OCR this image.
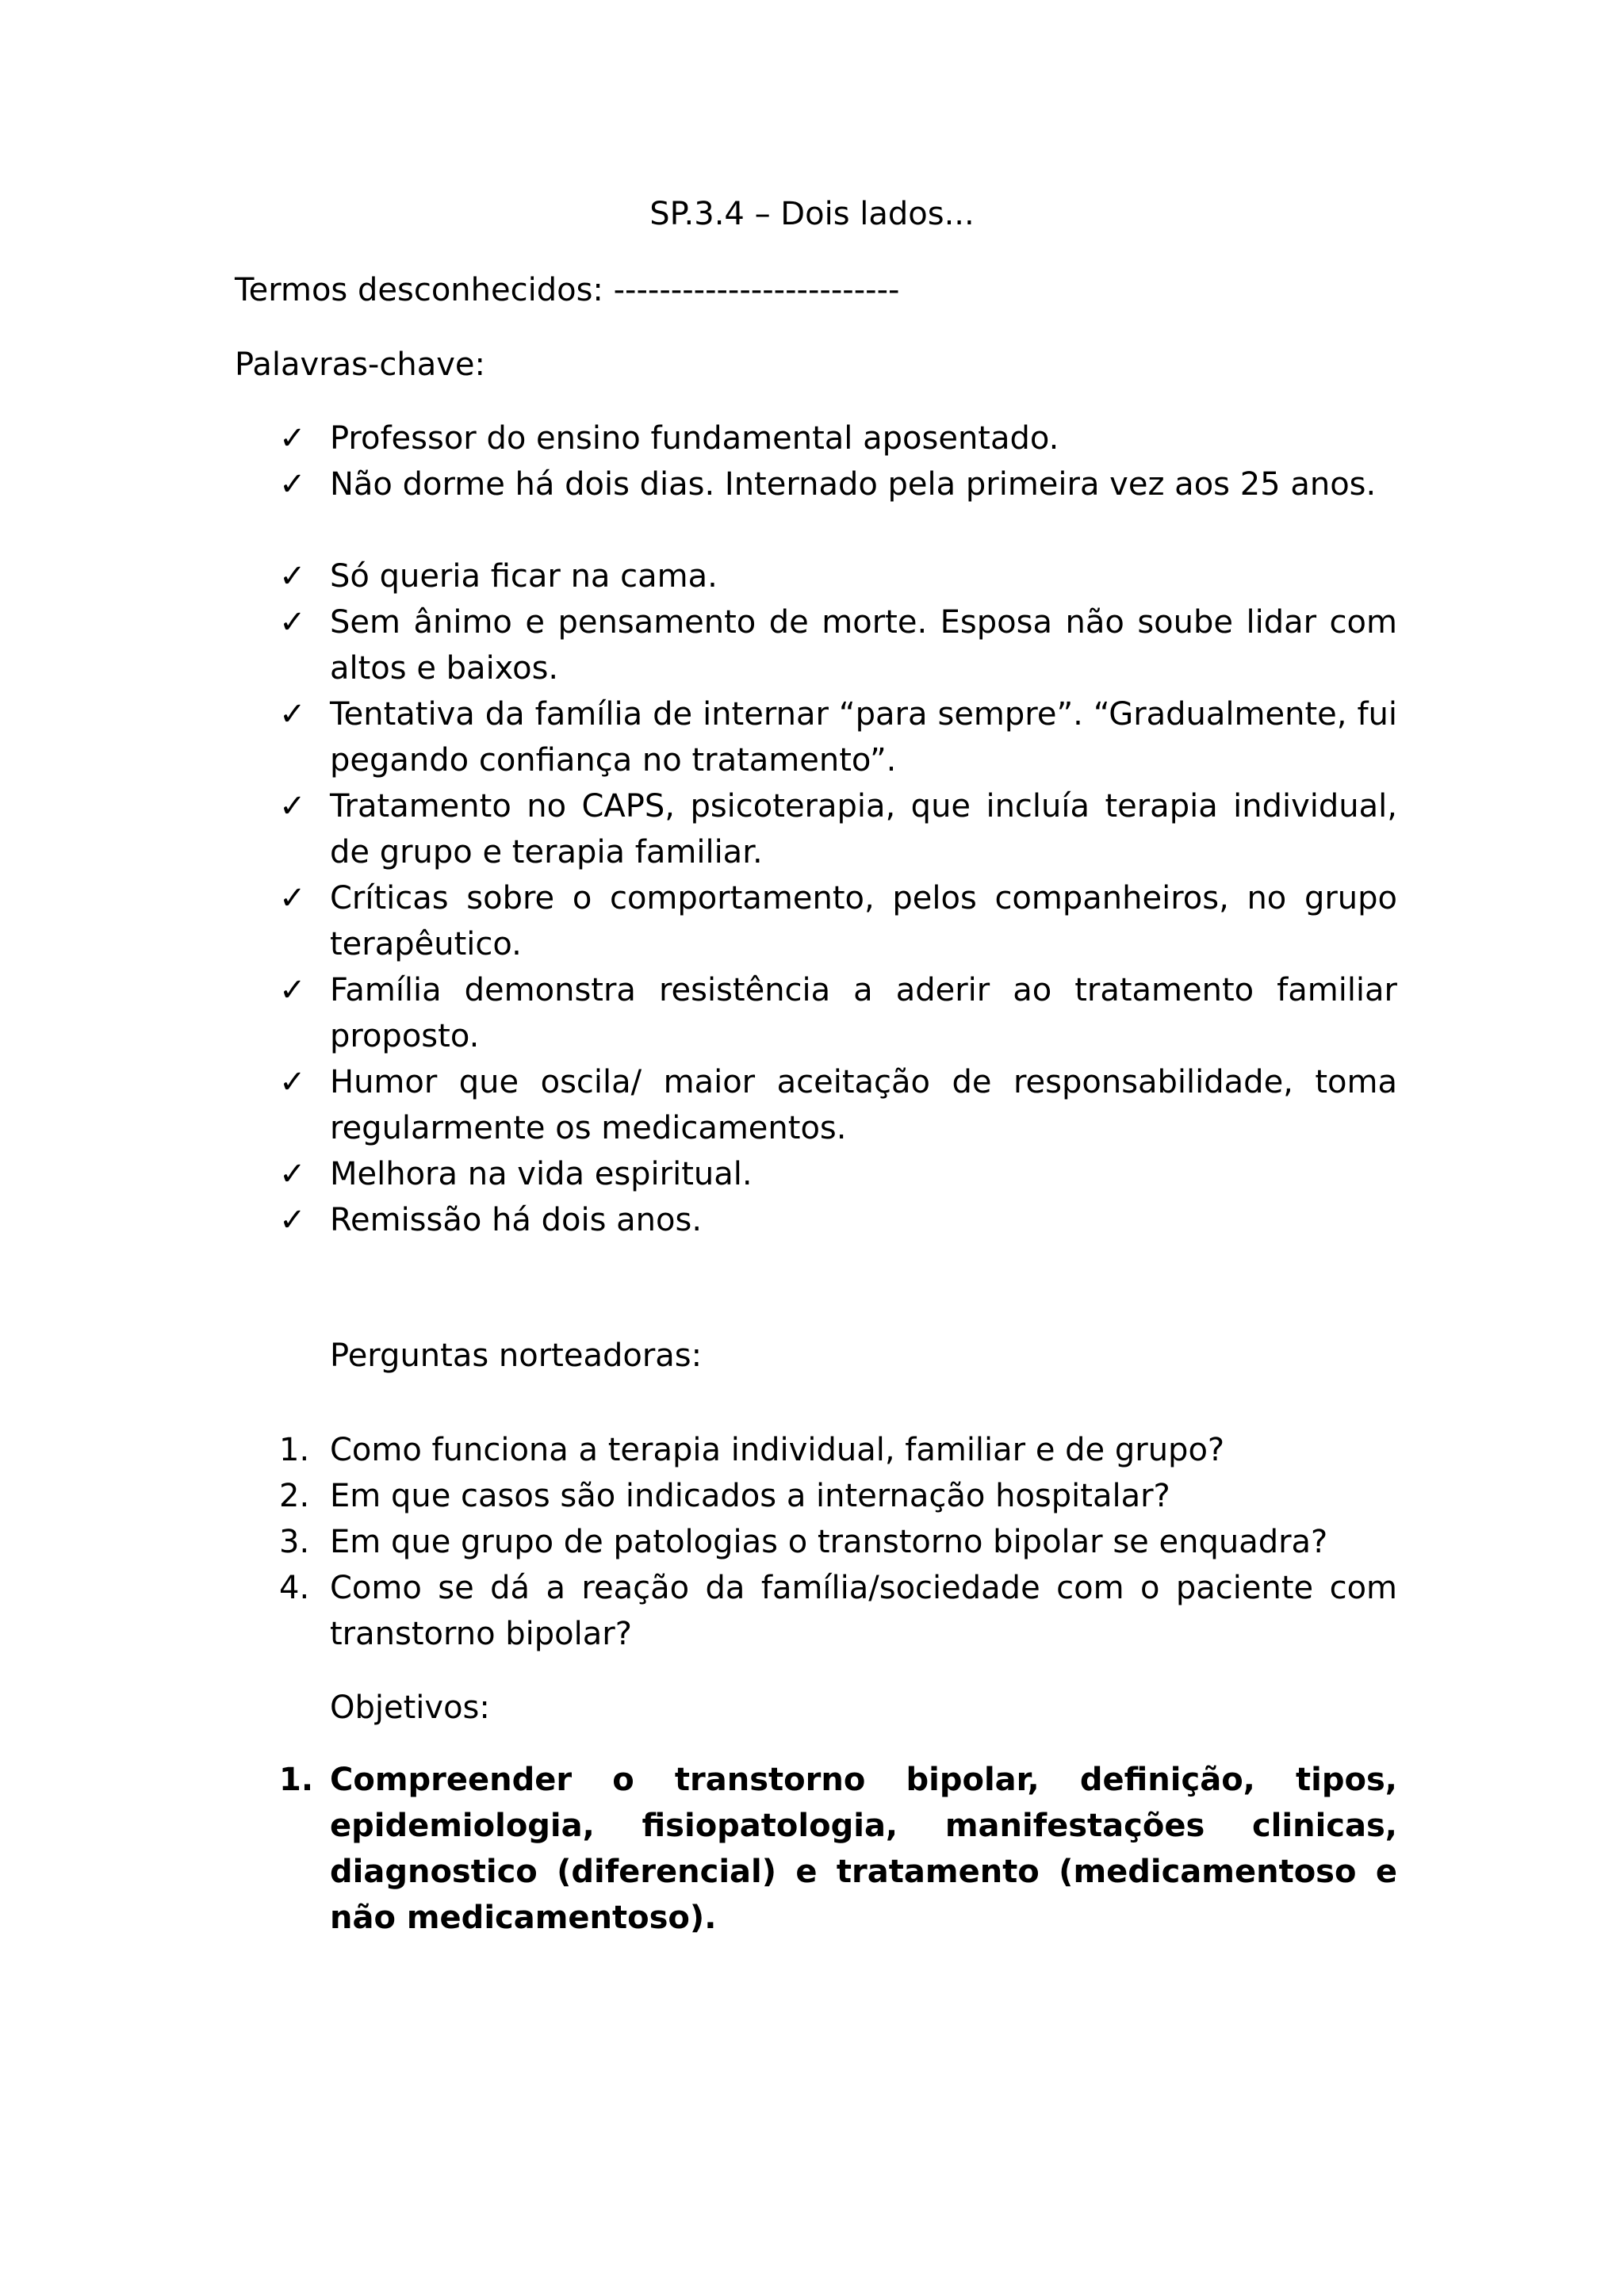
SP.3.4 – Dois lados...
Termos desconhecidos: -------------------------
Palavras-chave:
✓ Professor do ensino fundamental aposentado.
✓ Não dorme há dois dias. Internado pela primeira vez aos 25 anos.
✓ Só queria ficar na cama.
✓ Sem ânimo e pensamento de morte. Esposa não soube lidar com altos e baixos.
✓ Tentativa da família de internar “para sempre”. “Gradualmente, fui pegando confiança no tratamento”.
✓ Tratamento no CAPS, psicoterapia, que incluía terapia individual, de grupo e terapia familiar.
✓ Críticas sobre o comportamento, pelos companheiros, no grupo terapêutico.
✓ Família demonstra resistência a aderir ao tratamento familiar proposto.
✓ Humor que oscila/ maior aceitação de responsabilidade, toma regularmente os medicamentos.
✓ Melhora na vida espiritual.
✓ Remissão há dois anos.
Perguntas norteadoras:
1. Como funciona a terapia individual, familiar e de grupo?
2. Em que casos são indicados a internação hospitalar?
3. Em que grupo de patologias o transtorno bipolar se enquadra?
4. Como se dá a reação da família/sociedade com o paciente com transtorno bipolar?
Objetivos:
1. Compreender o transtorno bipolar, definição, tipos, epidemiologia, fisiopatologia, manifestações clinicas, diagnostico (diferencial) e tratamento (medicamentoso e não medicamentoso).
